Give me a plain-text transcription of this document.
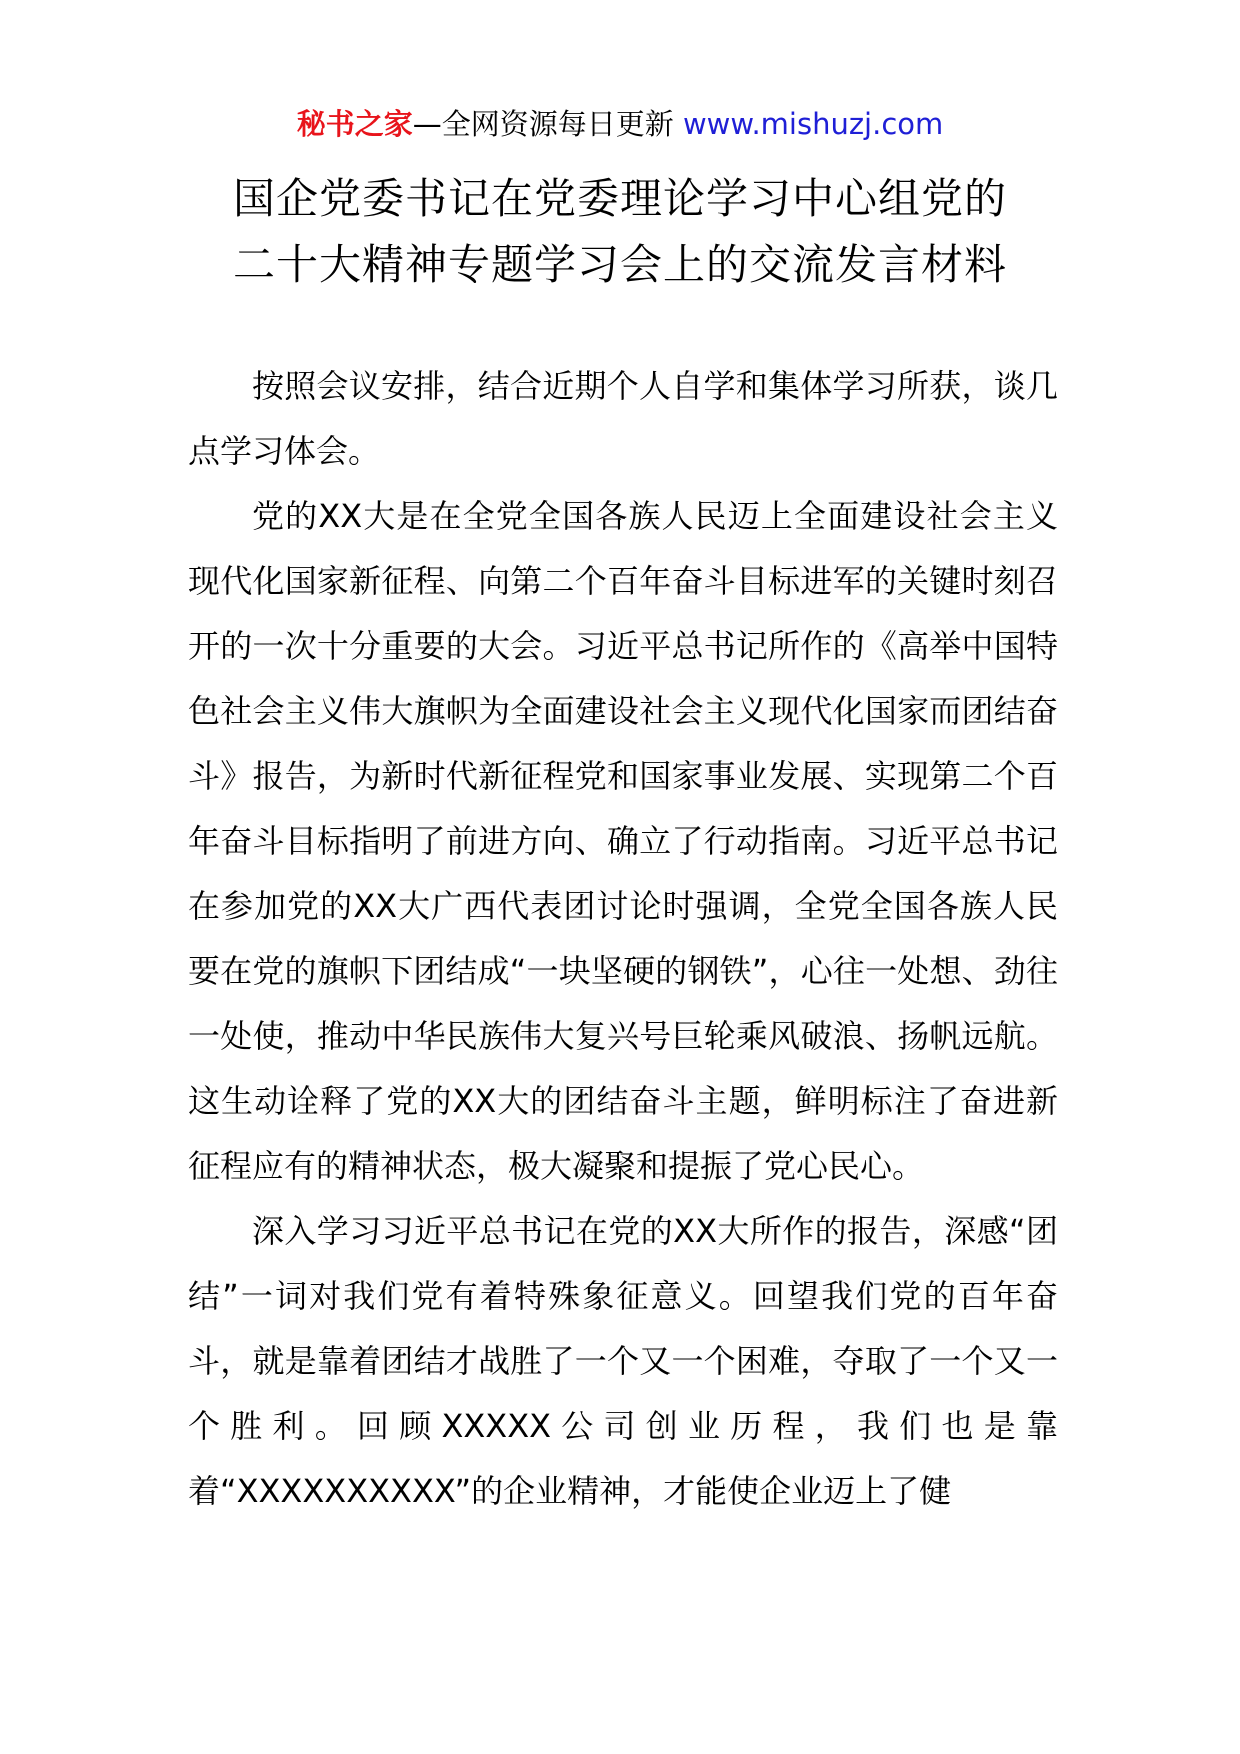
秘书之家—全网资源每日更新 www.mishuzj.com
国企党委书记在党委理论学习中心组党的
二十大精神专题学习会上的交流发言材料

按照会议安排，结合近期个人自学和集体学习所获，谈几点学习体会。

党的XX大是在全党全国各族人民迈上全面建设社会主义现代化国家新征程、向第二个百年奋斗目标进军的关键时刻召开的一次十分重要的大会。习近平总书记所作的《高举中国特色社会主义伟大旗帜为全面建设社会主义现代化国家而团结奋斗》报告，为新时代新征程党和国家事业发展、实现第二个百年奋斗目标指明了前进方向、确立了行动指南。习近平总书记在参加党的XX大广西代表团讨论时强调，全党全国各族人民要在党的旗帜下团结成“一块坚硬的钢铁”，心往一处想、劲往一处使，推动中华民族伟大复兴号巨轮乘风破浪、扬帆远航。这生动诠释了党的XX大的团结奋斗主题，鲜明标注了奋进新征程应有的精神状态，极大凝聚和提振了党心民心。

深入学习习近平总书记在党的XX大所作的报告，深感“团结”一词对我们党有着特殊象征意义。回望我们党的百年奋斗，就是靠着团结才战胜了一个又一个困难，夺取了一个又一个胜利。回顾XXXXX公司创业历程，我们也是靠着“XXXXXXXXXX”的企业精神，才能使企业迈上了健
